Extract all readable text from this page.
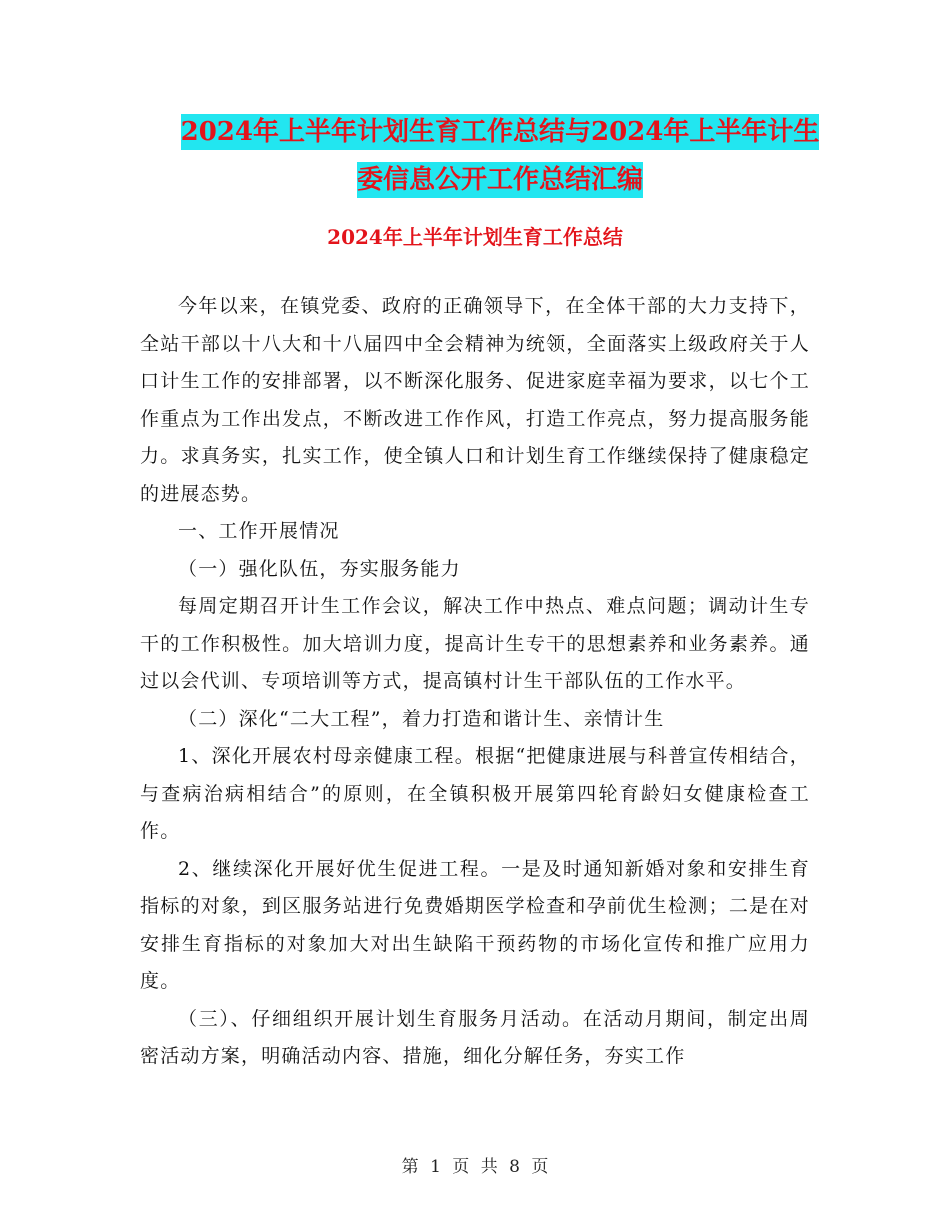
2024年上半年计划生育工作总结与2024年上半年计生
委信息公开工作总结汇编
2024年上半年计划生育工作总结

今年以来，在镇党委、政府的正确领导下，在全体干部的大力支持下，全站干部以十八大和十八届四中全会精神为统领，全面落实上级政府关于人口计生工作的安排部署，以不断深化服务、促进家庭幸福为要求，以七个工作重点为工作出发点，不断改进工作作风，打造工作亮点，努力提高服务能力。求真务实，扎实工作，使全镇人口和计划生育工作继续保持了健康稳定的进展态势。

一、工作开展情况

（一）强化队伍，夯实服务能力

每周定期召开计生工作会议，解决工作中热点、难点问题；调动计生专干的工作积极性。加大培训力度，提高计生专干的思想素养和业务素养。通过以会代训、专项培训等方式，提高镇村计生干部队伍的工作水平。

（二）深化“二大工程”，着力打造和谐计生、亲情计生

1、深化开展农村母亲健康工程。根据“把健康进展与科普宣传相结合，与查病治病相结合”的原则，在全镇积极开展第四轮育龄妇女健康检查工作。

2、继续深化开展好优生促进工程。一是及时通知新婚对象和安排生育指标的对象，到区服务站进行免费婚期医学检查和孕前优生检测；二是在对安排生育指标的对象加大对出生缺陷干预药物的市场化宣传和推广应用力度。

（三）、仔细组织开展计划生育服务月活动。在活动月期间，制定出周密活动方案，明确活动内容、措施，细化分解任务，夯实工作

第 1 页 共 8 页
